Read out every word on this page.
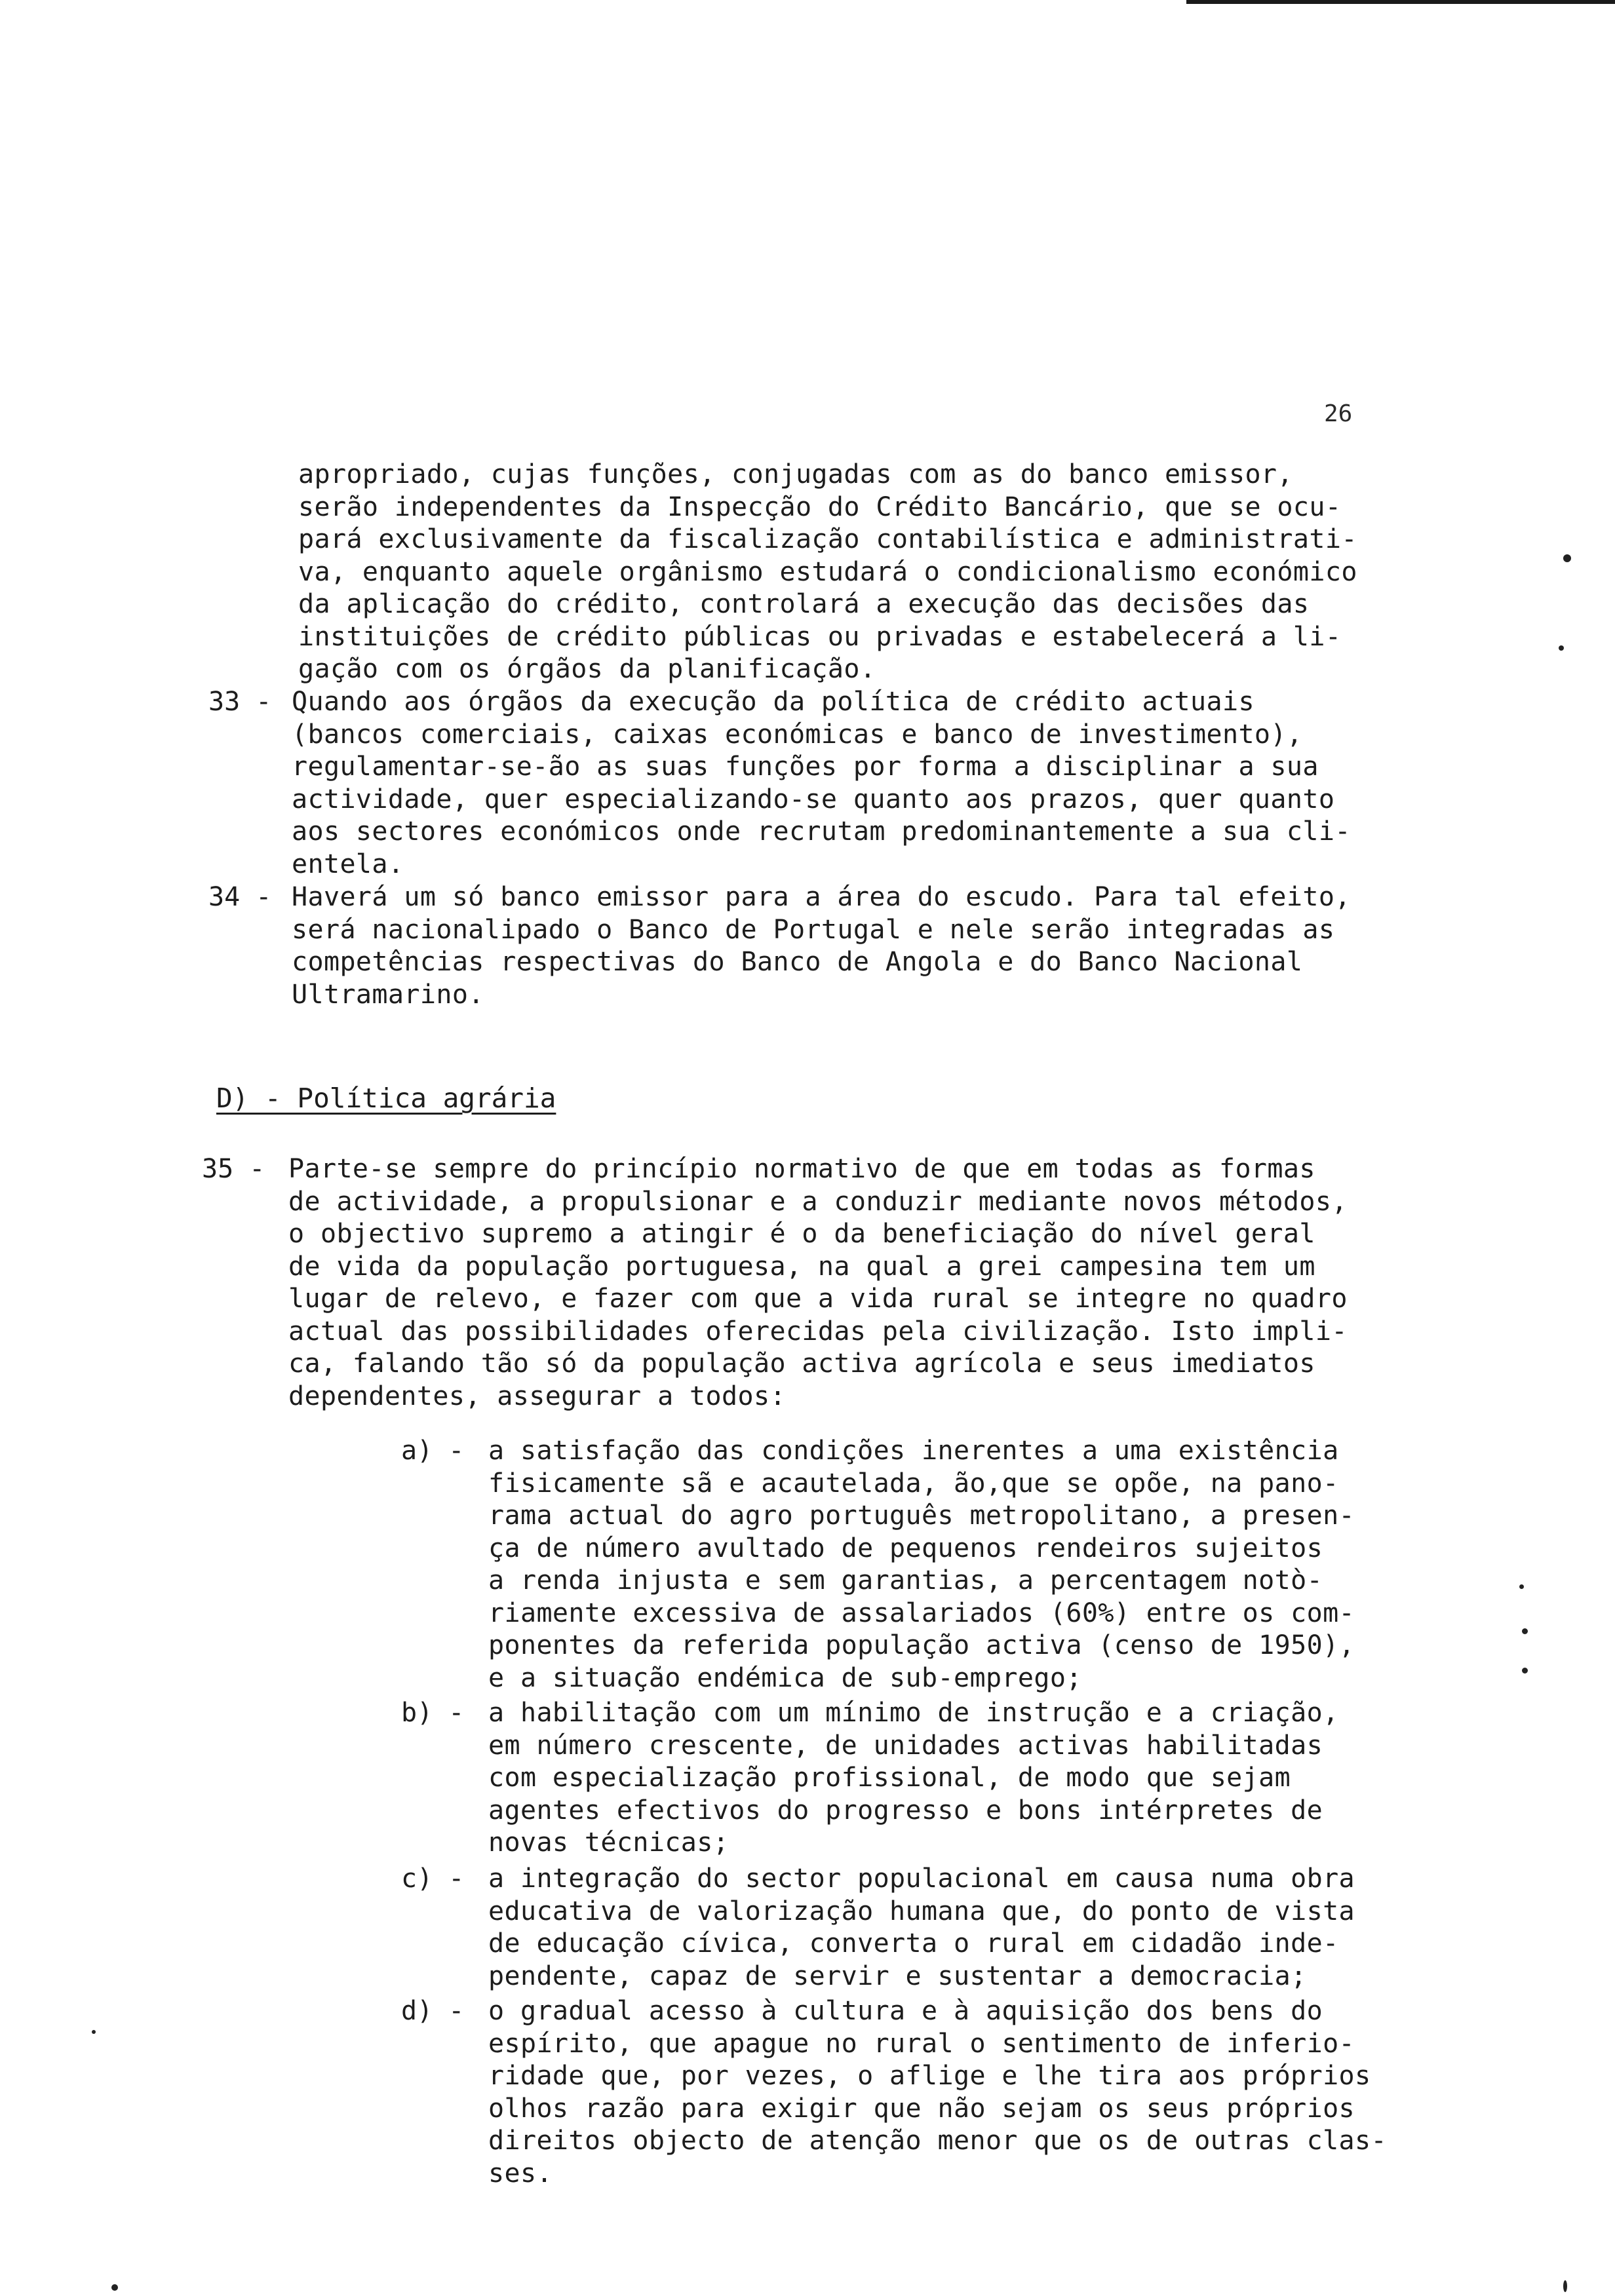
26
apropriado, cujas funções, conjugadas com as do banco emissor,
serão independentes da Inspecção do Crédito Bancário, que se ocu-
pará exclusivamente da fiscalização contabilística e administrati-
va, enquanto aquele orgânismo estudará o condicionalismo económico
da aplicação do crédito, controlará a execução das decisões das
instituições de crédito públicas ou privadas e estabelecerá a li-
gação com os órgãos da planificação.
33 - Quando aos órgãos da execução da política de crédito actuais
(bancos comerciais, caixas económicas e banco de investimento),
regulamentar-se-ão as suas funções por forma a disciplinar a sua
actividade, quer especializando-se quanto aos prazos, quer quanto
aos sectores económicos onde recrutam predominantemente a sua cli-
entela.
34 - Haverá um só banco emissor para a área do escudo. Para tal efeito,
será nacionalipado o Banco de Portugal e nele serão integradas as
competências respectivas do Banco de Angola e do Banco Nacional
Ultramarino.
D) - Política agrária
35 - Parte-se sempre do princípio normativo de que em todas as formas
de actividade, a propulsionar e a conduzir mediante novos métodos,
o objectivo supremo a atingir é o da beneficiação do nível geral
de vida da população portuguesa, na qual a grei campesina tem um
lugar de relevo, e fazer com que a vida rural se integre no quadro
actual das possibilidades oferecidas pela civilização. Isto impli-
ca, falando tão só da população activa agrícola e seus imediatos
dependentes, assegurar a todos:
a) - a satisfação das condições inerentes a uma existência
fisicamente sã e acautelada, ão,que se opõe, na pano-
rama actual do agro português metropolitano, a presen-
ça de número avultado de pequenos rendeiros sujeitos
a renda injusta e sem garantias, a percentagem notò-
riamente excessiva de assalariados (60%) entre os com-
ponentes da referida população activa (censo de 1950),
e a situação endémica de sub-emprego;
b) - a habilitação com um mínimo de instrução e a criação,
em número crescente, de unidades activas habilitadas
com especialização profissional, de modo que sejam
agentes efectivos do progresso e bons intérpretes de
novas técnicas;
c) - a integração do sector populacional em causa numa obra
educativa de valorização humana que, do ponto de vista
de educação cívica, converta o rural em cidadão inde-
pendente, capaz de servir e sustentar a democracia;
d) - o gradual acesso à cultura e à aquisição dos bens do
espírito, que apague no rural o sentimento de inferio-
ridade que, por vezes, o aflige e lhe tira aos próprios
olhos razão para exigir que não sejam os seus próprios
direitos objecto de atenção menor que os de outras clas-
ses.
